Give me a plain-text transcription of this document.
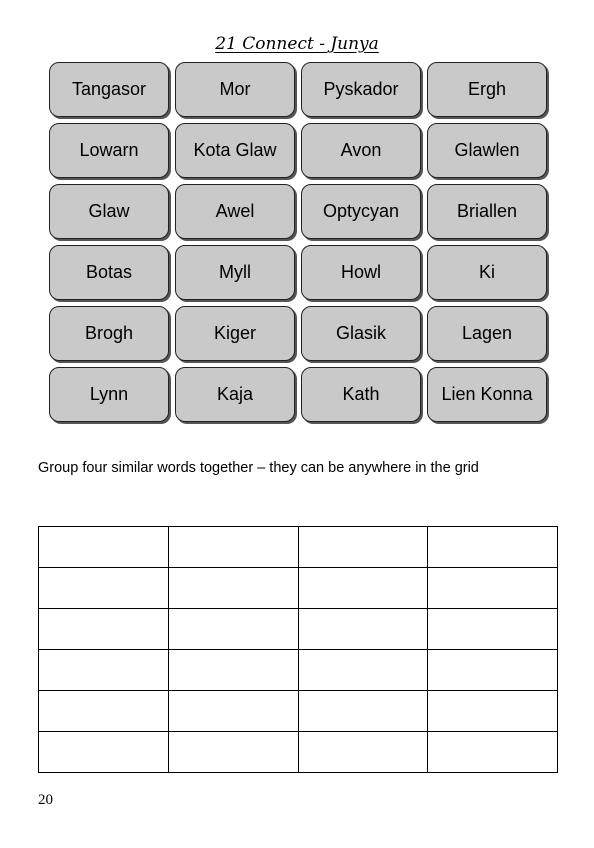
21 Connect - Junya
Tangasor	Mor	Pyskador	Ergh
Lowarn	Kota Glaw	Avon	Glawlen
Glaw	Awel	Optycyan	Briallen
Botas	Myll	Howl	Ki
Brogh	Kiger	Glasik	Lagen
Lynn	Kaja	Kath	Lien Konna
Group four similar words together – they can be anywhere in the grid

20
